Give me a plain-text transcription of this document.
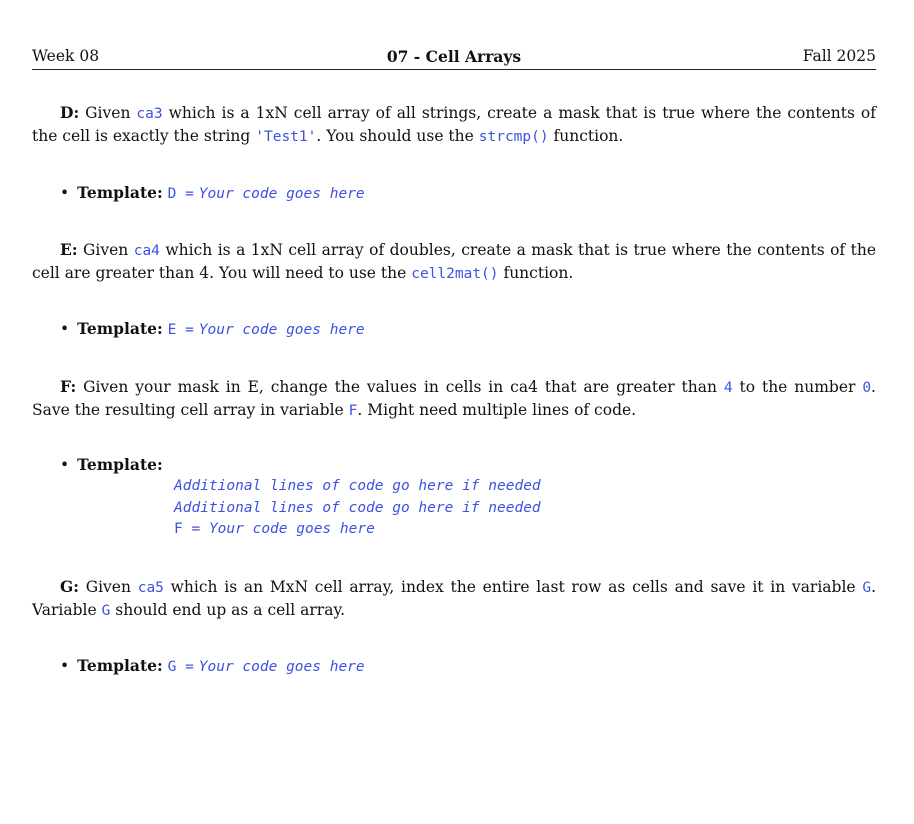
Week 08	07 - Cell Arrays	Fall 2025
D: Given ca3 which is a 1xN cell array of all strings, create a mask that is true where the contents of the cell is exactly the string 'Test1'. You should use the strcmp() function.
• Template: D = Your code goes here
E: Given ca4 which is a 1xN cell array of doubles, create a mask that is true where the contents of the cell are greater than 4. You will need to use the cell2mat() function.
• Template: E = Your code goes here
F: Given your mask in E, change the values in cells in ca4 that are greater than 4 to the number 0. Save the resulting cell array in variable F. Might need multiple lines of code.
• Template:
Additional lines of code go here if needed
Additional lines of code go here if needed
F = Your code goes here
G: Given ca5 which is an MxN cell array, index the entire last row as cells and save it in variable G. Variable G should end up as a cell array.
• Template: G = Your code goes here
